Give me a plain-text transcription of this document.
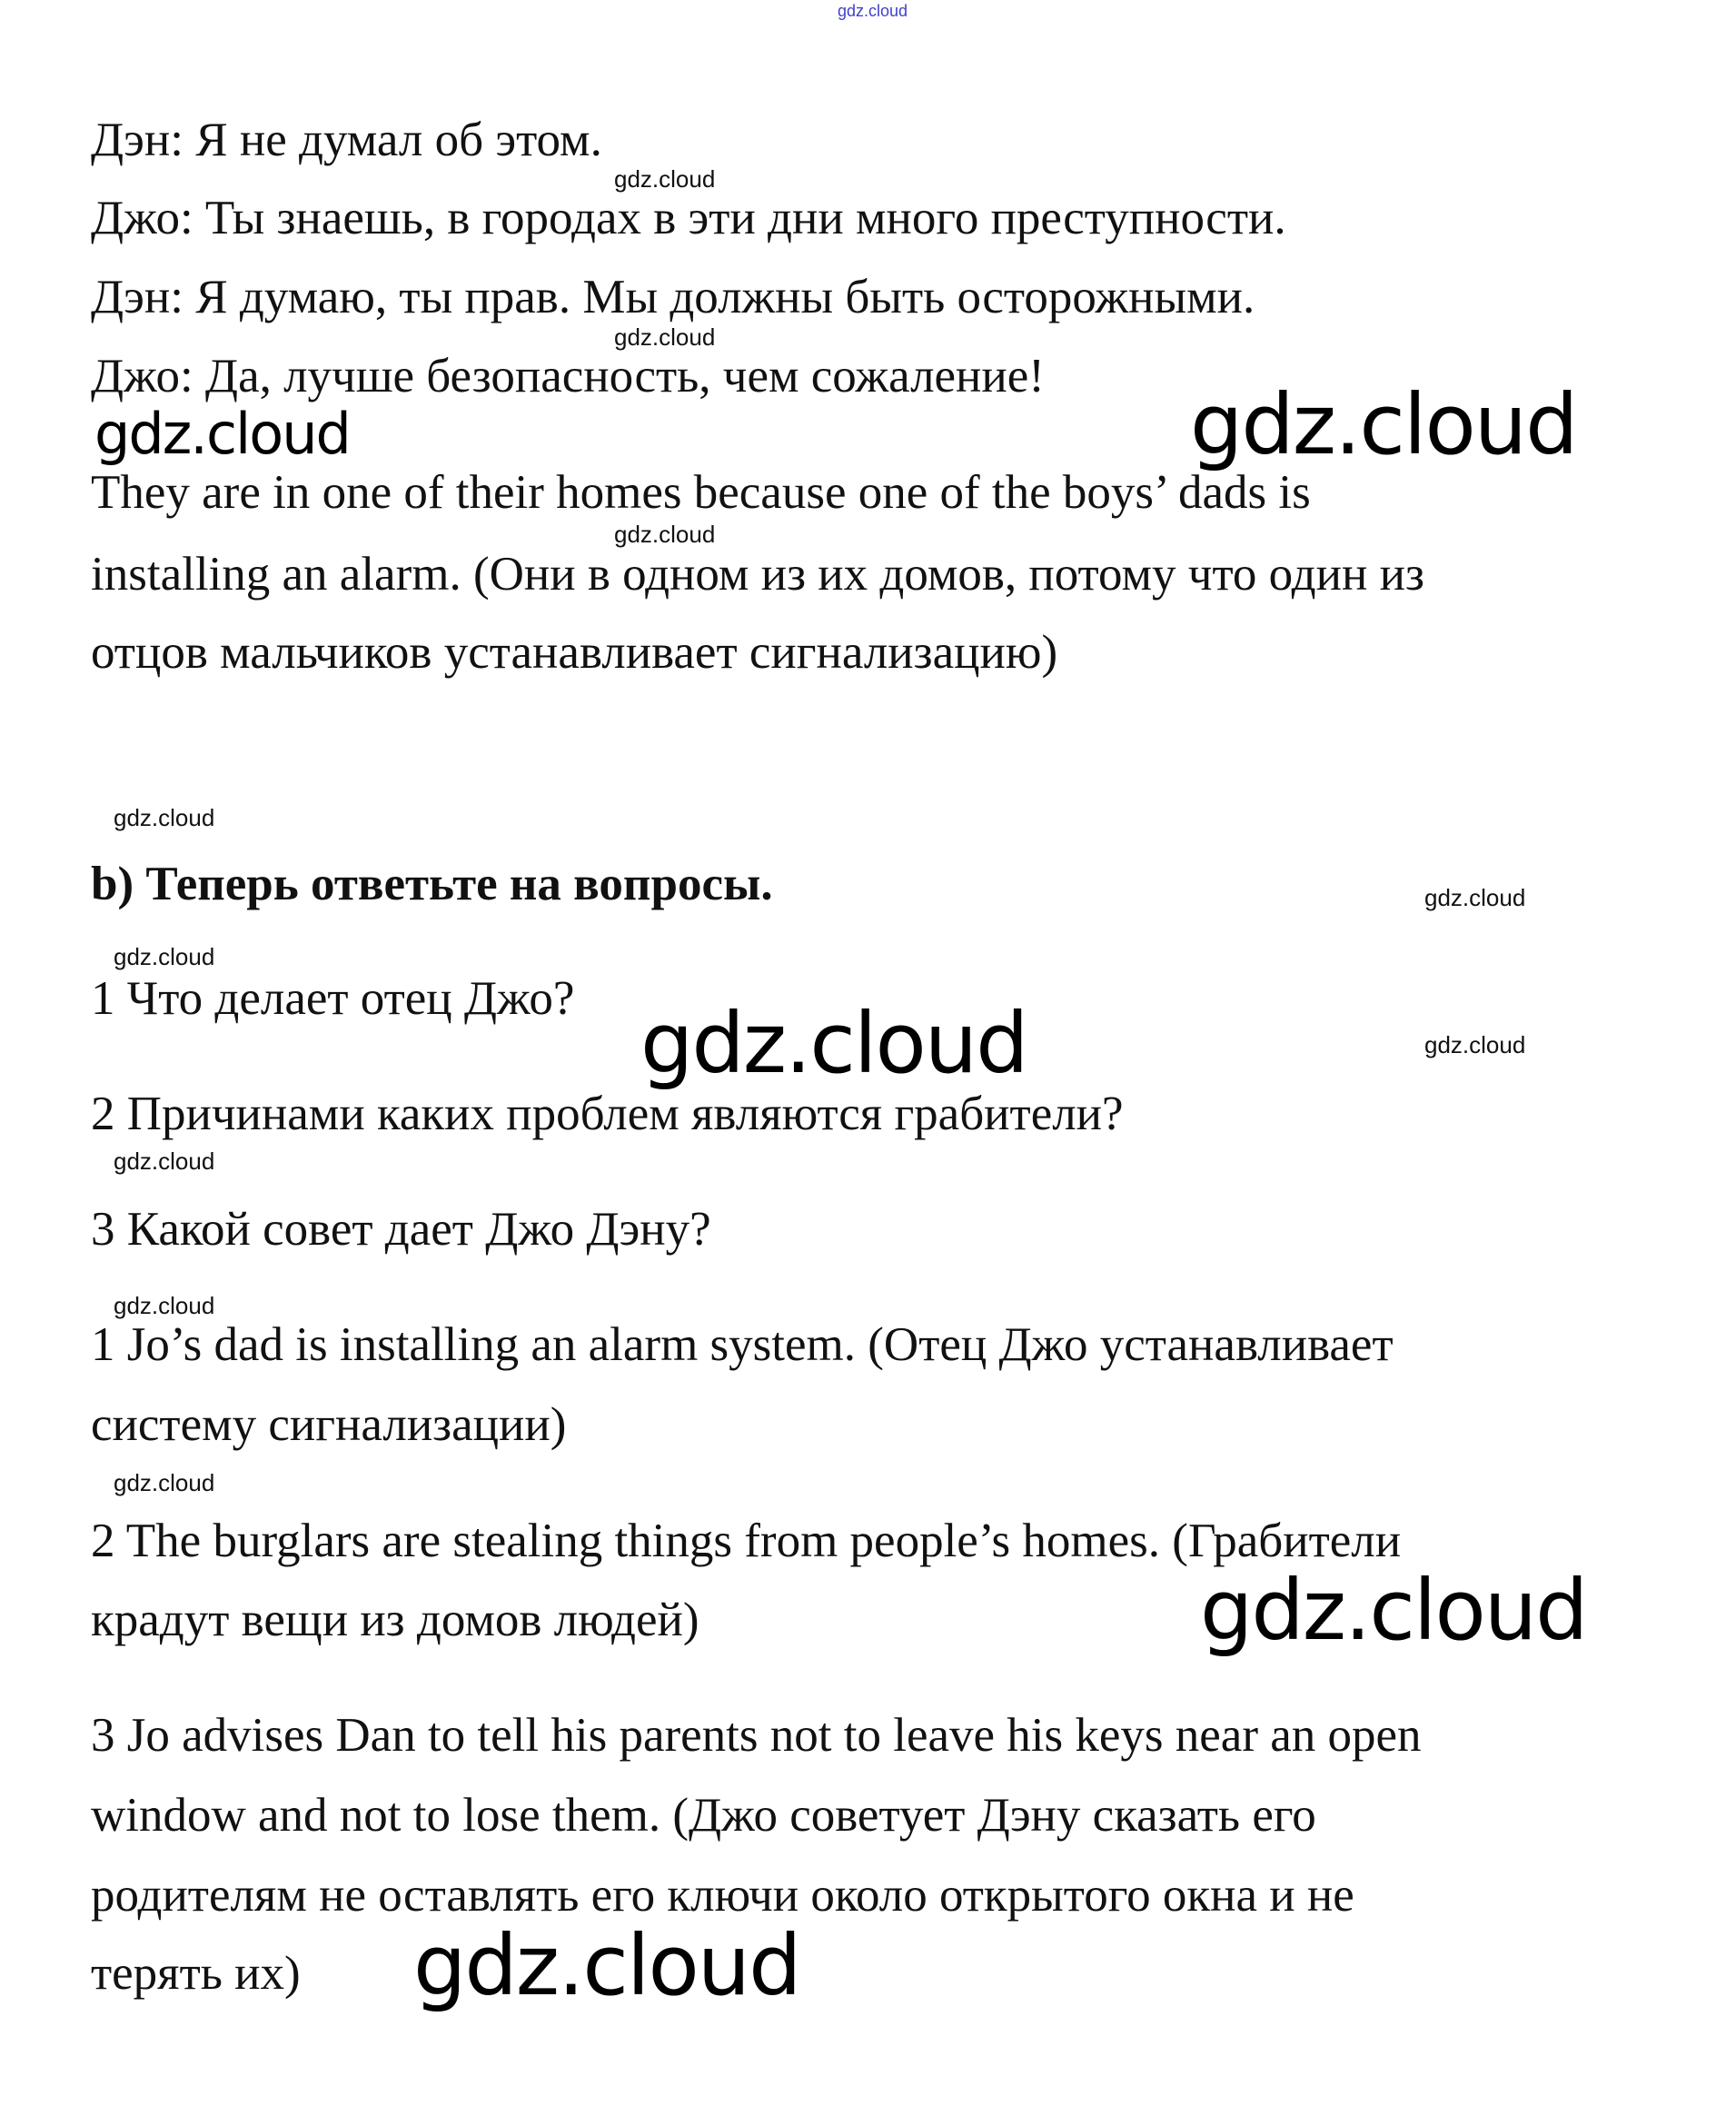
gdz.cloud
Дэн: Я не думал об этом.
Джо: Ты знаешь, в городах в эти дни много преступности.
Дэн: Я думаю, ты прав. Мы должны быть осторожными.
Джо: Да, лучше безопасность, чем сожаление!
They are in one of their homes because one of the boys’ dads is
installing an alarm. (Они в одном из их домов, потому что один из
отцов мальчиков устанавливает сигнализацию)
b) Теперь ответьте на вопросы.
1 Что делает отец Джо?
2 Причинами каких проблем являются грабители?
3 Какой совет дает Джо Дэну?
1 Jo’s dad is installing an alarm system. (Отец Джо устанавливает
систему сигнализации)
2 The burglars are stealing things from people’s homes. (Грабители
крадут вещи из домов людей)
3 Jo advises Dan to tell his parents not to leave his keys near an open
window and not to lose them. (Джо советует Дэну сказать его
родителям не оставлять его ключи около открытого окна и не
терять их)
gdz.cloud
gdz.cloud
gdz.cloud
gdz.cloud
gdz.cloud
gdz.cloud
gdz.cloud
gdz.cloud
gdz.cloud
gdz.cloud
gdz.cloud	gdz.cloud
gdz.cloud
gdz.cloud
gdz.cloud
